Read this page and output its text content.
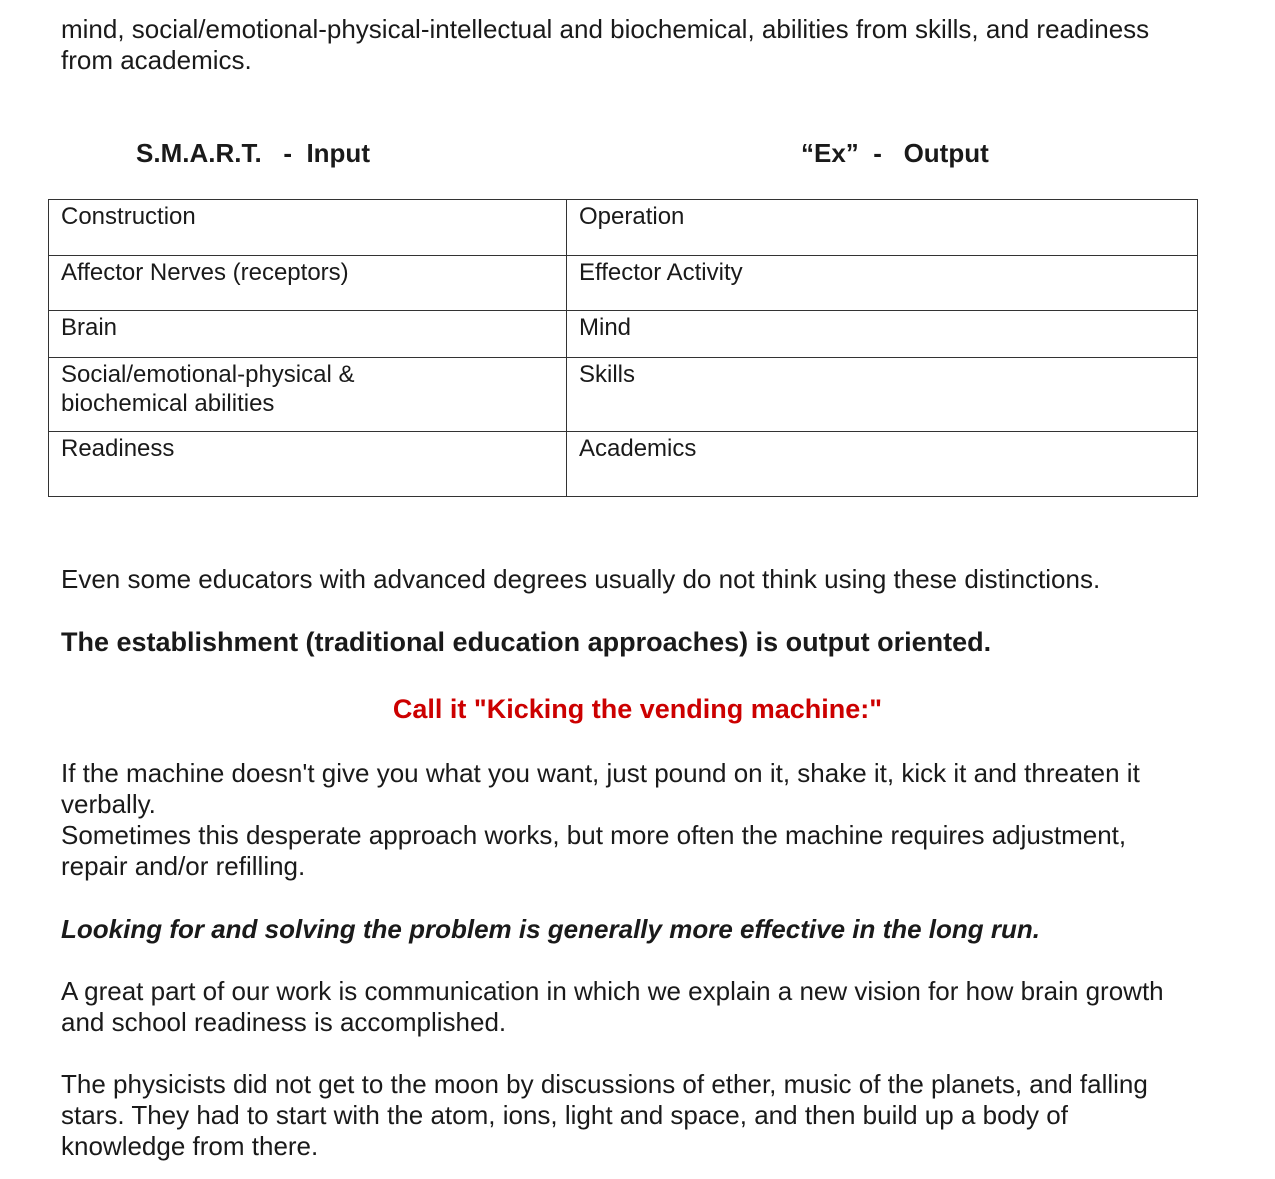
mind, social/emotional-physical-intellectual and biochemical, abilities from skills, and readiness
from academics.
S.M.A.R.T.   -  Input	“Ex”  -   Output
Construction	Operation
Affector Nerves (receptors)	Effector Activity
Brain	Mind

Social/emotional-physical &
biochemical abilities	Skills
Readiness	Academics
Even some educators with advanced degrees usually do not think using these distinctions.
The establishment (traditional education approaches) is output oriented.
Call it "Kicking the vending machine:"
If the machine doesn't give you what you want, just pound on it, shake it, kick it and threaten it
verbally.
Sometimes this desperate approach works, but more often the machine requires adjustment,
repair and/or refilling.
Looking for and solving the problem is generally more effective in the long run.
A great part of our work is communication in which we explain a new vision for how brain growth
and school readiness is accomplished.
The physicists did not get to the moon by discussions of ether, music of the planets, and falling
stars. They had to start with the atom, ions, light and space, and then build up a body of
knowledge from there.
